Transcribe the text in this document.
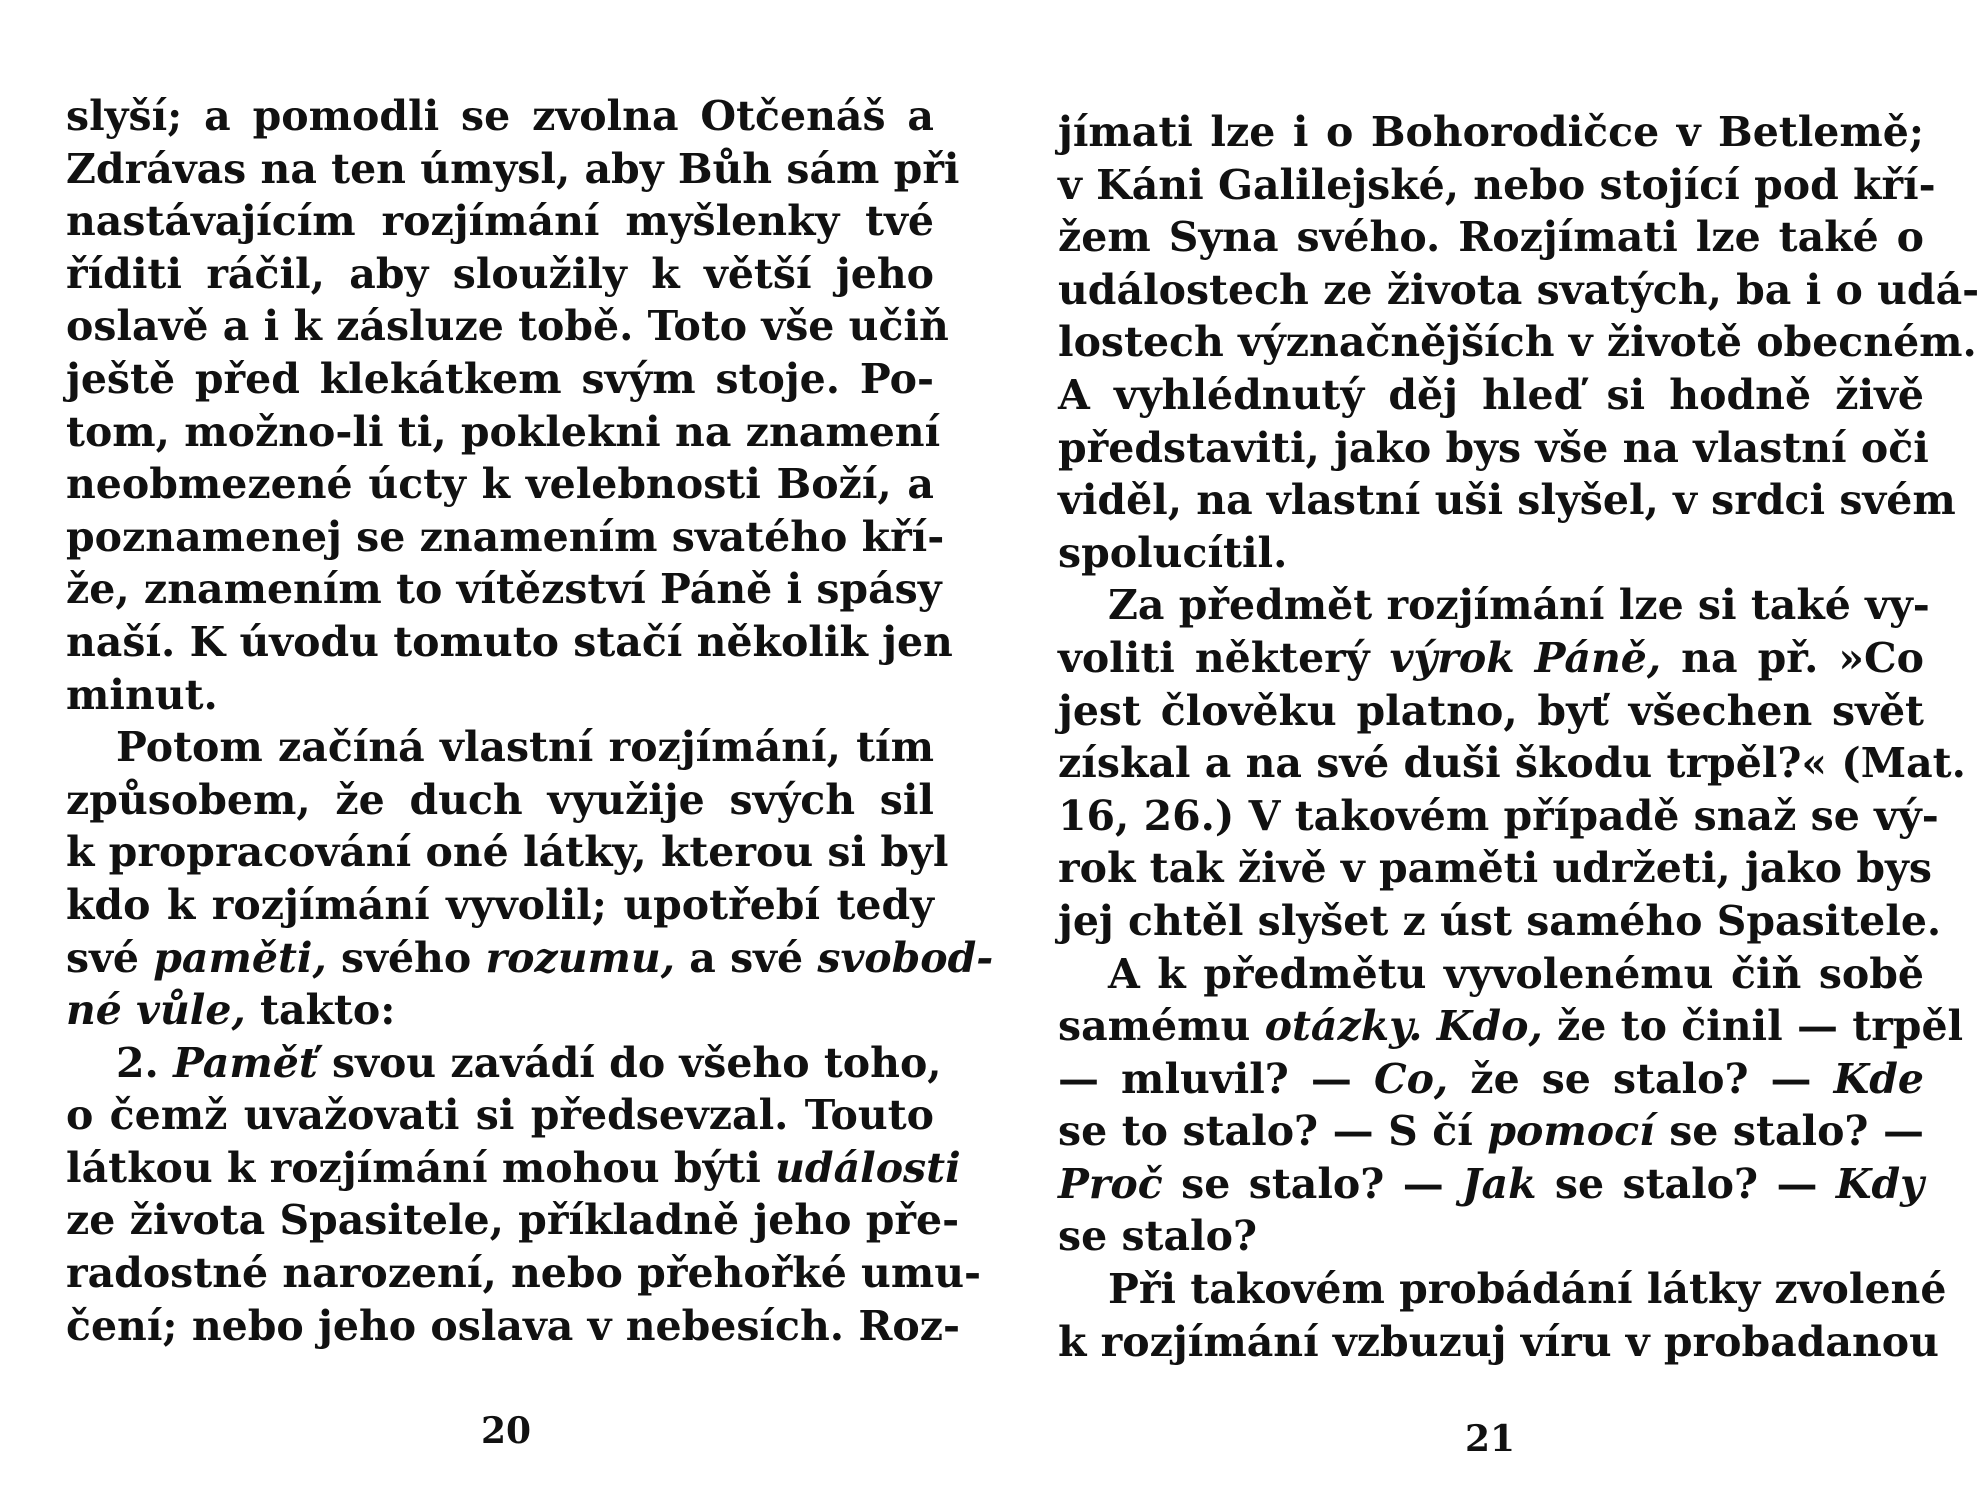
slyší; a pomodli se zvolna Otčenáš a
Zdrávas na ten úmysl, aby Bůh sám při
nastávajícím rozjímání myšlenky tvé
říditi ráčil, aby sloužily k větší jeho
oslavě a i k zásluze tobě. Toto vše učiň
ještě před klekátkem svým stoje. Po-
tom, možno-li ti, poklekni na znamení
neobmezené úcty k velebnosti Boží, a
poznamenej se znamením svatého kří-
že, znamením to vítězství Páně i spásy
naší. K úvodu tomuto stačí několik jen
minut.
Potom začíná vlastní rozjímání, tím
způsobem, že duch využije svých sil
k propracování oné látky, kterou si byl
kdo k rozjímání vyvolil; upotřebí tedy
své paměti, svého rozumu, a své svobod-
né vůle, takto:
2. Paměť svou zavádí do všeho toho,
o čemž uvažovati si předsevzal. Touto
látkou k rozjímání mohou býti události
ze života Spasitele, příkladně jeho pře-
radostné narození, nebo přehořké umu-
čení; nebo jeho oslava v nebesích. Roz-
20
jímati lze i o Bohorodičce v Betlemě;
v Káni Galilejské, nebo stojící pod kří-
žem Syna svého. Rozjímati lze také o
událostech ze života svatých, ba i o udá-
lostech význačnějších v životě obecném.
A vyhlédnutý děj hleď si hodně živě
představiti, jako bys vše na vlastní oči
viděl, na vlastní uši slyšel, v srdci svém
spolucítil.
Za předmět rozjímání lze si také vy-
voliti některý výrok Páně, na př. »Co
jest člověku platno, byť všechen svět
získal a na své duši škodu trpěl?« (Mat.
16, 26.) V takovém případě snaž se vý-
rok tak živě v paměti udržeti, jako bys
jej chtěl slyšet z úst samého Spasitele.
A k předmětu vyvolenému čiň sobě
samému otázky. Kdo, že to činil — trpěl
— mluvil? — Co, že se stalo? — Kde
se to stalo? — S čí pomocí se stalo? —
Proč se stalo? — Jak se stalo? — Kdy
se stalo?
Při takovém probádání látky zvolené
k rozjímání vzbuzuj víru v probadanou
21
